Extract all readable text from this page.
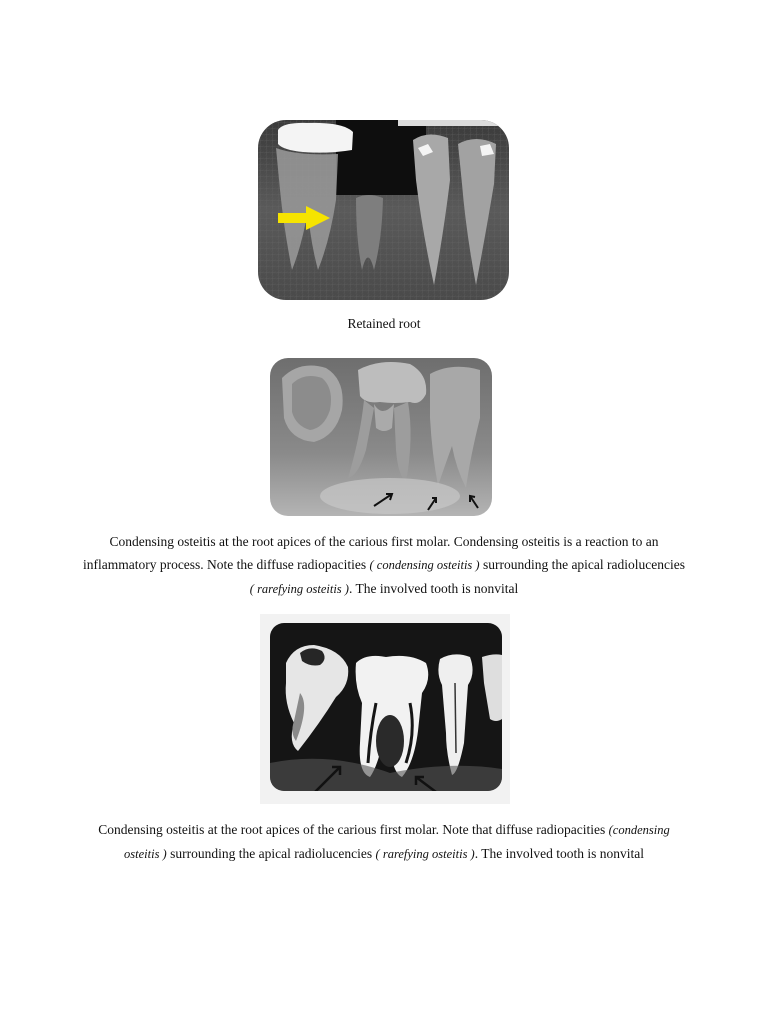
Retained root
Condensing osteitis at the root apices of the carious first molar. Condensing osteitis is a reaction to an inflammatory process. Note the diffuse radiopacities ( condensing osteitis ) surrounding the apical radiolucencies ( rarefying osteitis ). The involved tooth is nonvital
Condensing osteitis at the root apices of the carious first molar. Note that diffuse radiopacities (condensing osteitis ) surrounding the apical radiolucencies ( rarefying osteitis ). The involved tooth is nonvital
